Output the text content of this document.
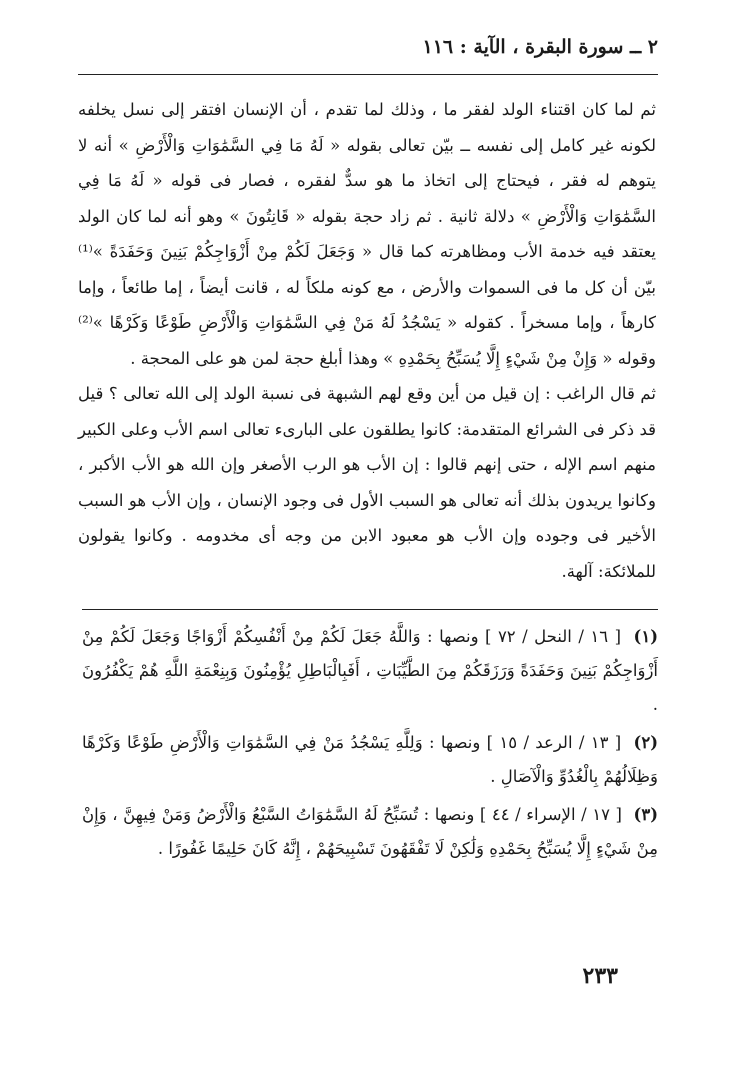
٢ ــ سورة البقرة ، الآية : ١١٦

ثم لما كان اقتناء الولد لفقر ما ، وذلك لما تقدم ، أن الإنسان افتقر إلى نسل يخلفه لكونه غير كامل إلى نفسه ــ بيّن تعالى بقوله « لَهُ مَا فِي السَّمَٰوَاتِ وَالْأَرْضِ » أنه لا يتوهم له فقر ، فيحتاج إلى اتخاذ ما هو سدٌّ لفقره ، فصار فى قوله « لَهُ مَا فِي السَّمَٰوَاتِ وَالْأَرْضِ » دلالة ثانية . ثم زاد حجة بقوله « قَانِتُونَ » وهو أنه لما كان الولد يعتقد فيه خدمة الأب ومظاهرته كما قال « وَجَعَلَ لَكُمْ مِنْ أَزْوَاجِكُمْ بَنِينَ وَحَفَدَةً »⁽¹⁾ بيّن أن كل ما فى السموات والأرض ، مع كونه ملكاً له ، قانت أيضاً ، إما طائعاً ، وإما كارهاً ، وإما مسخراً . كقوله « يَسْجُدُ لَهُ مَنْ فِي السَّمَٰوَاتِ وَالْأَرْضِ طَوْعًا وَكَرْهًا »⁽²⁾ وقوله « وَإِنْ مِنْ شَيْءٍ إِلَّا يُسَبِّحُ بِحَمْدِهِ » وهذا أبلغ حجة لمن هو على المحجة .

ثم قال الراغب : إن قيل من أين وقع لهم الشبهة فى نسبة الولد إلى الله تعالى ؟ قيل قد ذكر فى الشرائع المتقدمة: كانوا يطلقون على البارىء تعالى اسم الأب وعلى الكبير منهم اسم الإله ، حتى إنهم قالوا : إن الأب هو الرب الأصغر وإن الله هو الأب الأكبر ، وكانوا يريدون بذلك أنه تعالى هو السبب الأول فى وجود الإنسان ، وإن الأب هو السبب الأخير فى وجوده وإن الأب هو معبود الابن من وجه أى مخدومه . وكانوا يقولون للملائكة: آلهة.

(١) [ ١٦ / النحل / ٧٢ ] ونصها : وَاللَّهُ جَعَلَ لَكُمْ مِنْ أَنْفُسِكُمْ أَزْوَاجًا وَجَعَلَ لَكُمْ مِنْ أَزْوَاجِكُمْ بَنِينَ وَحَفَدَةً وَرَزَقَكُمْ مِنَ الطَّيِّبَاتِ ، أَفَبِالْبَاطِلِ يُؤْمِنُونَ وَبِنِعْمَةِ اللَّهِ هُمْ يَكْفُرُونَ .

(٢) [ ١٣ / الرعد / ١٥ ] ونصها : وَلِلَّهِ يَسْجُدُ مَنْ فِي السَّمَٰوَاتِ وَالْأَرْضِ طَوْعًا وَكَرْهًا وَظِلَالُهُمْ بِالْغُدُوِّ وَالْآصَالِ .

(٣) [ ١٧ / الإسراء / ٤٤ ] ونصها : تُسَبِّحُ لَهُ السَّمَٰوَاتُ السَّبْعُ وَالْأَرْضُ وَمَنْ فِيهِنَّ ، وَإِنْ مِنْ شَيْءٍ إِلَّا يُسَبِّحُ بِحَمْدِهِ وَلَٰكِنْ لَا تَفْقَهُونَ تَسْبِيحَهُمْ ، إِنَّهُ كَانَ حَلِيمًا غَفُورًا .

٢٣٣
